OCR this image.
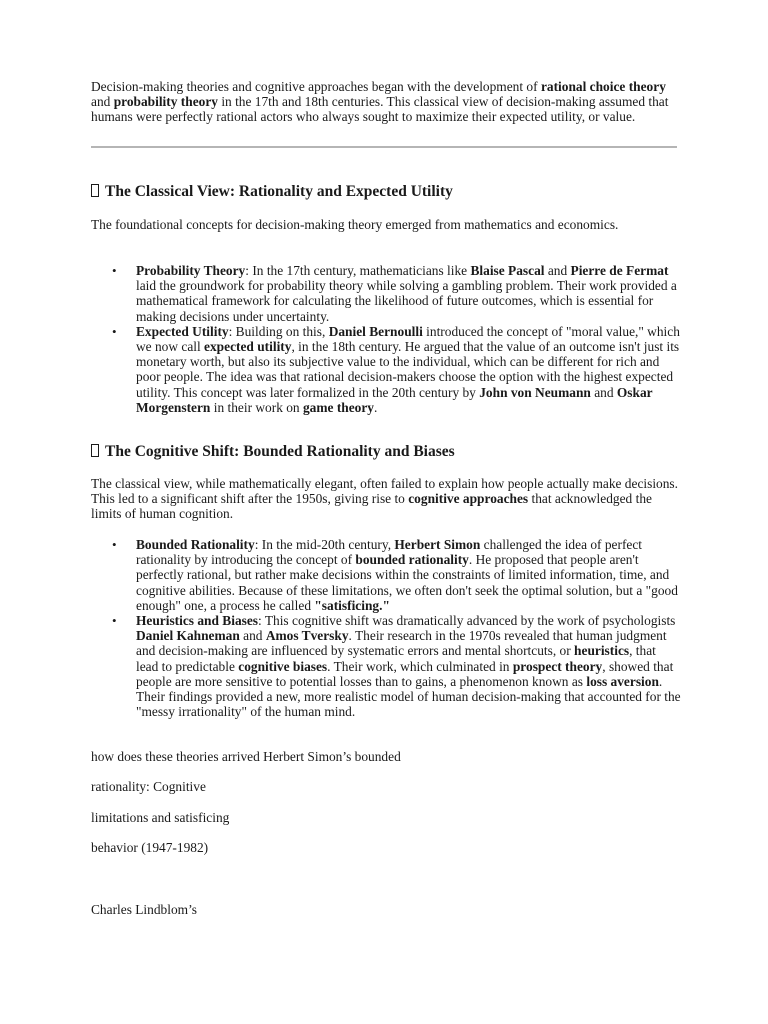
Decision-making theories and cognitive approaches began with the development of rational choice theory and probability theory in the 17th and 18th centuries. This classical view of decision-making assumed that humans were perfectly rational actors who always sought to maximize their expected utility, or value.

The Classical View: Rationality and Expected Utility

The foundational concepts for decision-making theory emerged from mathematics and economics.

• Probability Theory: In the 17th century, mathematicians like Blaise Pascal and Pierre de Fermat laid the groundwork for probability theory while solving a gambling problem. Their work provided a mathematical framework for calculating the likelihood of future outcomes, which is essential for making decisions under uncertainty.
• Expected Utility: Building on this, Daniel Bernoulli introduced the concept of "moral value," which we now call expected utility, in the 18th century. He argued that the value of an outcome isn't just its monetary worth, but also its subjective value to the individual, which can be different for rich and poor people. The idea was that rational decision-makers choose the option with the highest expected utility. This concept was later formalized in the 20th century by John von Neumann and Oskar Morgenstern in their work on game theory.
The Cognitive Shift: Bounded Rationality and Biases

The classical view, while mathematically elegant, often failed to explain how people actually make decisions. This led to a significant shift after the 1950s, giving rise to cognitive approaches that acknowledged the limits of human cognition.

• Bounded Rationality: In the mid-20th century, Herbert Simon challenged the idea of perfect rationality by introducing the concept of bounded rationality. He proposed that people aren't perfectly rational, but rather make decisions within the constraints of limited information, time, and cognitive abilities. Because of these limitations, we often don't seek the optimal solution, but a "good enough" one, a process he called "satisficing."
• Heuristics and Biases: This cognitive shift was dramatically advanced by the work of psychologists Daniel Kahneman and Amos Tversky. Their research in the 1970s revealed that human judgment and decision-making are influenced by systematic errors and mental shortcuts, or heuristics, that lead to predictable cognitive biases. Their work, which culminated in prospect theory, showed that people are more sensitive to potential losses than to gains, a phenomenon known as loss aversion. Their findings provided a new, more realistic model of human decision-making that accounted for the "messy irrationality" of the human mind.

how does these theories arrived Herbert Simon’s bounded

rationality: Cognitive

limitations and satisficing

behavior (1947-1982)

Charles Lindblom’s
